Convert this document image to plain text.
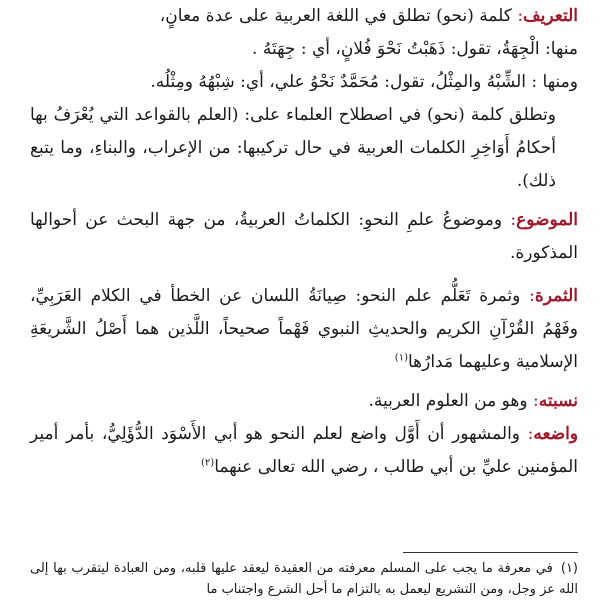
التعريف: كلمة (نحو) تطلق في اللغة العربية على عدة معانٍ،

منها: الْجِهَةُ، تقول: ذَهَبْتُ نَحْوَ فُلانٍ، أي : جِهَتَهُ .

ومنها : الشِّبْهُ والمِثْلُ، تقول: مُحَمَّدٌ نَحْوُ علي، أي: شِبْهُهُ ومِثْلُه.

وتطلق كلمة (نحو) في اصطلاح العلماء على: (العلم بالقواعد التي يُعْرَفُ بها أحكامُ أَوَاخِرِ الكلمات العربية في حال تركيبها: من الإعراب، والبناءِ، وما يتبع ذلك).

الموضوع: وموضوعُ علمِ النحوِ: الكلماتُ العربيةُ، من جهة البحث عن أحوالها المذكورة.

الثمرة: وثمرة تَعَلُّم علم النحو: صِيانَةُ اللسان عن الخطأ في الكلام العَرَبِيِّ، وفَهْمُ القُرْآنِ الكريم والحديثِ النبوي فَهْماً صحيحاً، اللَّذين هما أَصْلُ الشَّريعَةِ الإسلامية وعليهما مَدارُها$^{(١)}$

نسبته: وهو من العلوم العربية.

واضعه: والمشهور أن أَوَّل واضع لعلم النحو هو أبي الأَسْوَد الدُّؤَلِيُّ، بأمر أمير المؤمنين عليِّ بن أبي طالب ، رضي الله تعالى عنهما$^{(٢)}$

(١)في معرفة ما يجب على المسلم معرفته من العقيدة ليعقد عليها قلبه، ومن العبادة ليتقرب بها إلى الله عز وجل، ومن التشريع ليعمل به بالتزام ما أحل الشرع واجتناب ما
